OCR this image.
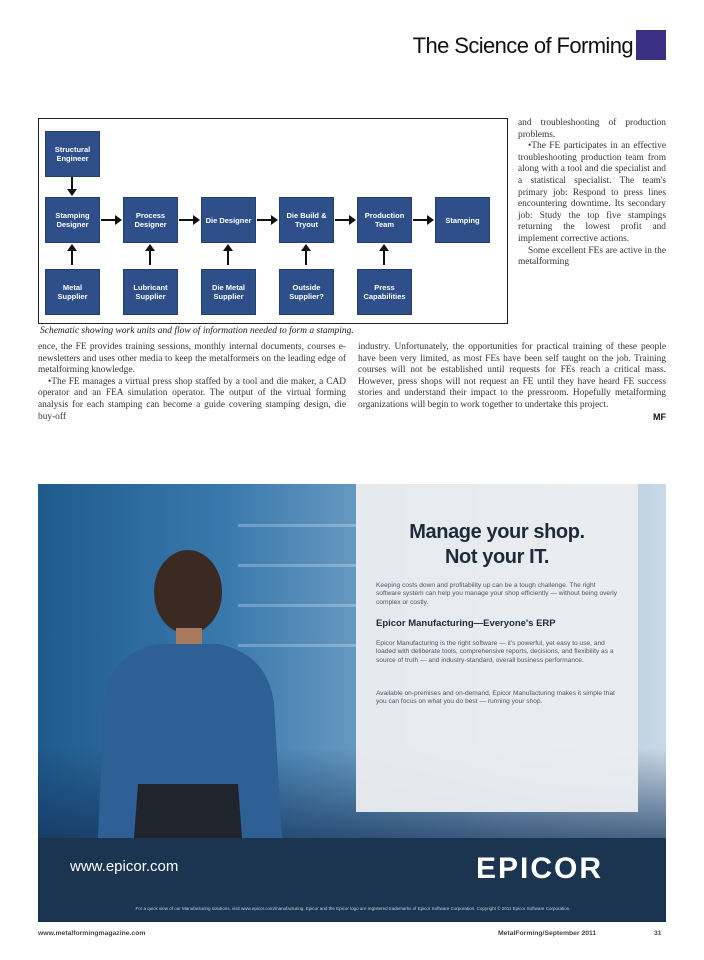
The Science of Forming
Structural Engineer
Stamping Designer
Process Designer	Die Designer	Die Build & Tryout
Production Team	Stamping
Metal Supplier
Lubricant Supplier
Die Metal Supplier
Outside Supplier?
Press Capabilities
Schematic showing work units and flow of information needed to form a stamping.

and troubleshooting of production problems.

•The FE participates in an effective troubleshooting production team from along with a tool and die specialist and a statistical specialist. The team's primary job: Respond to press lines encountering downtime. Its secondary job: Study the top five stampings returning the lowest profit and implement corrective actions.

Some excellent FEs are active in the metalforming

ence, the FE provides training sessions, monthly internal documents, courses e-newsletters and uses other media to keep the metalformers on the leading edge of metalforming knowledge.

•The FE manages a virtual press shop staffed by a tool and die maker, a CAD operator and an FEA simulation operator. The output of the virtual forming analysis for each stamping can become a guide covering stamping design, die buy-off

industry. Unfortunately, the opportunities for practical training of these people have been very limited, as most FEs have been self taught on the job. Training courses will not be established until requests for FEs reach a critical mass. However, press shops will not request an FE until they have heard FE success stories and understand their impact to the pressroom. Hopefully metalforming organizations will begin to work together to undertake this project.

MF
Manage your shop.
Not your IT.
Keeping costs down and profitability up can be a tough challenge. The right software system can help you manage your shop efficiently — without being overly complex or costly.
Epicor Manufacturing—Everyone's ERP
Epicor Manufacturing is the right software — it's powerful, yet easy to use, and loaded with deliberate tools, comprehensive reports, decisions, and flexibility as a source of truth — and industry-standard, overall business performance.
Available on-premises and on-demand, Epicor Manufacturing makes it simple that you can focus on what you do best — running your shop.
www.epicor.com	EPICOR
For a quick view of our Manufacturing solutions, visit www.epicor.com/manufacturing. Epicor and the Epicor logo are registered trademarks of Epicor Software Corporation. Copyright © 2011 Epicor Software Corporation.
www.metalformingmagazine.com	MetalForming/September 2011	31
